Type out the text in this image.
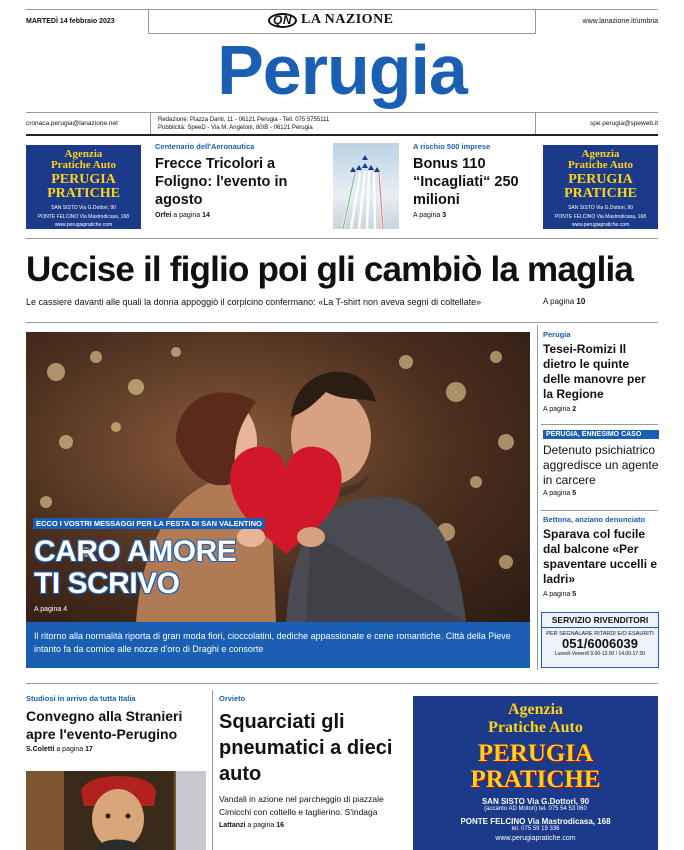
MARTEDÌ 14 febbraio 2023	QN LA NAZIONE	www.lanazione.it/umbria
Perugia
cronaca.perugia@lanazione.net	Redazione: Piazza Danti, 11 - 06121 Perugia - Tell. 075 5755111
Pubblicità: SpeeD - Via M. Angeloni, 80/B - 06121 Perugia
spe.perugia@speweb.it
Agenzia
Pratiche Auto
PERUGIA
PRATICHE
SAN SISTO Via G.Dottori, 90
PONTE FELCINO Via Mastrodicasa, 168
www.perugiapratiche.com
Agenzia
Pratiche Auto
PERUGIA
PRATICHE
SAN SISTO Via G.Dottori, 90
PONTE FELCINO Via Mastrodicasa, 168
www.perugiapratiche.com
Centenario dell'Aeronautica
Frecce Tricolori a Foligno: l'evento in agosto
Orfei a pagina 14
A rischio 500 imprese
Bonus 110 “Incagliati“ 250 milioni
A pagina 3
Uccise il figlio poi gli cambiò la maglia
Le cassiere davanti alle quali la donna appoggiò il corpicino confermano: «La T-shirt non aveva segni di coltellate»	A pagina 10
ECCO I VOSTRI MESSAGGI PER LA FESTA DI SAN VALENTINO
CARO AMORE
TI SCRIVO
A pagina 4
Il ritorno alla normalità riporta di gran moda fiori, cioccolatini, dediche appassionate e cene romantiche. Città della Pieve intanto fa da cornice alle nozze d'oro di Draghi e consorte
Perugia
Tesei-Romizi Il dietro le quinte delle manovre per la Regione
A pagina 2
PERUGIA, ENNESIMO CASO
Detenuto psichiatrico aggredisce un agente in carcere
A pagina 5
Bettona, anziano denunciato
Sparava col fucile dal balcone «Per spaventare uccelli e ladri»
A pagina 5
SERVIZIO RIVENDITORI
PER SEGNALARE RITARDI E/O ESAURITI
051/6006039
Lunedì-Venerdì 9.00-13.00 / 14.00-17.00
Studiosi in arrivo da tutta Italia
Convegno alla Stranieri apre l'evento-Perugino
S.Coletti a pagina 17
Orvieto
Squarciati gli pneumatici a dieci auto
Vandali in azione nel parcheggio di piazzale Cimicchi con coltello e taglierino. S'indaga
Lattanzi a pagina 16
Agenzia
Pratiche Auto
PERUGIA
PRATICHE
SAN SISTO Via G.Dottori, 90
(accanto AD Motori) tel. 075 54 53 060
PONTE FELCINO Via Mastrodicasa, 168
tel. 075 59 19 336
www.perugiapratiche.com
